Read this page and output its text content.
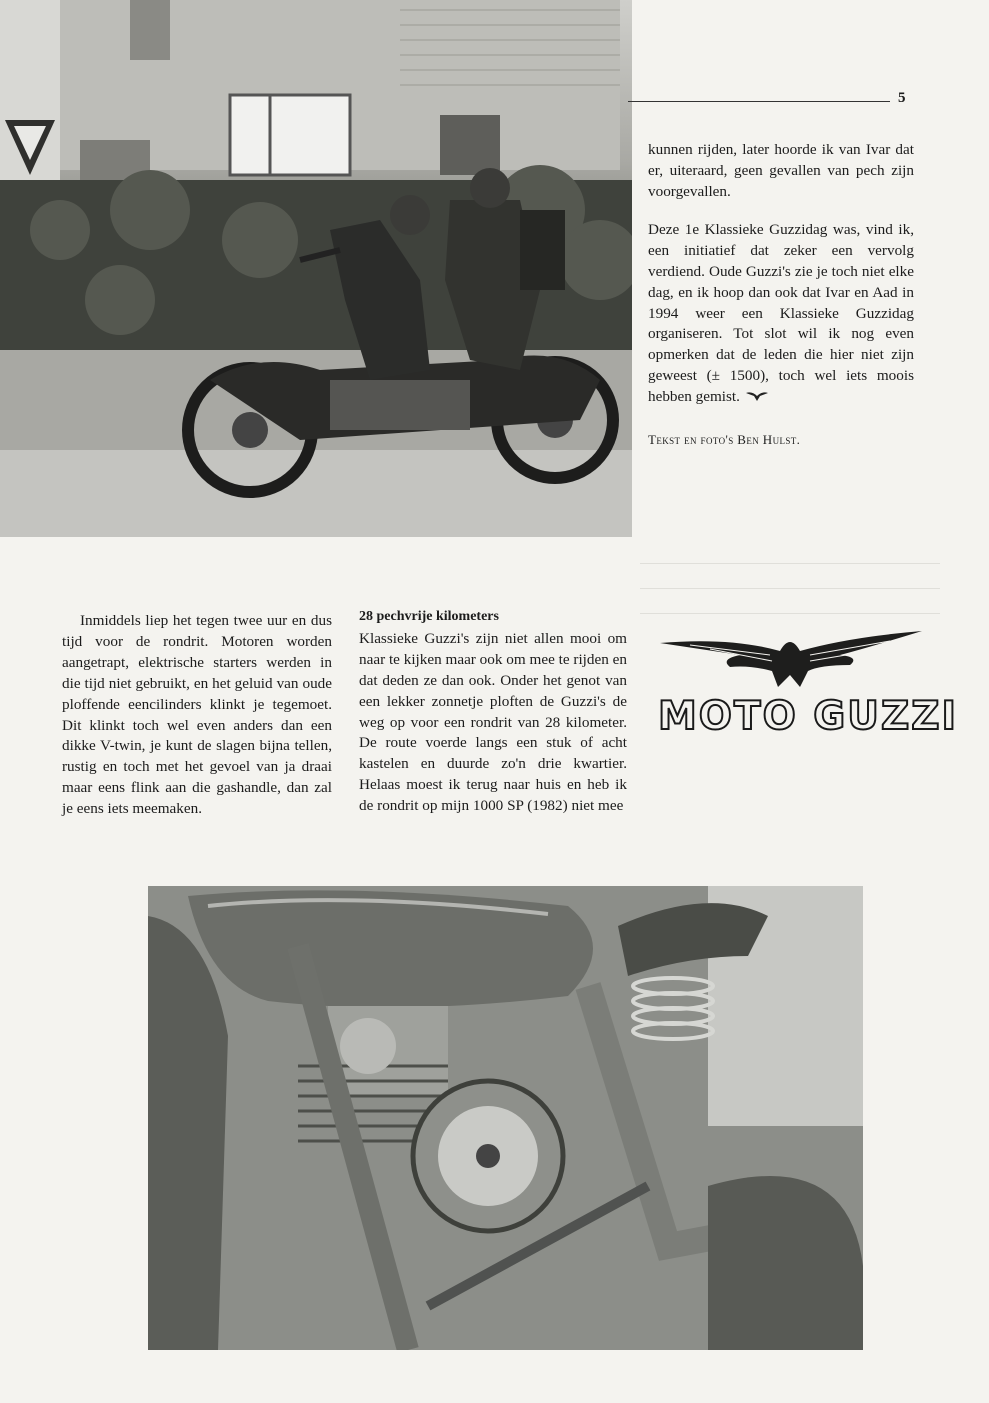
5

kunnen rijden, later hoorde ik van Ivar dat er, uiteraard, geen gevallen van pech zijn voorgevallen.

Deze 1e Klassieke Guzzidag was, vind ik, een initiatief dat zeker een vervolg verdiend. Oude Guzzi's zie je toch niet elke dag, en ik hoop dan ook dat Ivar en Aad in 1994 weer een Klassieke Guzzidag organiseren. Tot slot wil ik nog even opmerken dat de leden die hier niet zijn geweest (± 1500), toch wel iets moois hebben gemist.

Tekst en foto's Ben Hulst.
Inmiddels liep het tegen twee uur en dus tijd voor de rondrit. Motoren worden aangetrapt, elektrische starters werden in die tijd niet gebruikt, en het geluid van oude ploffende eencilinders klinkt je tegemoet. Dit klinkt toch wel even anders dan een dikke V-twin, je kunt de slagen bijna tellen, rustig en toch met het gevoel van ja draai maar eens flink aan die gashandle, dan zal je eens iets meemaken.
28 pechvrije kilometers

Klassieke Guzzi's zijn niet allen mooi om naar te kijken maar ook om mee te rijden en dat deden ze dan ook. Onder het genot van een lekker zonnetje ploften de Guzzi's de weg op voor een rondrit van 28 kilometer. De route voerde langs een stuk of acht kastelen en duurde zo'n drie kwartier. Helaas moest ik terug naar huis en heb ik de rondrit op mijn 1000 SP (1982) niet mee

MOTO GUZZI
